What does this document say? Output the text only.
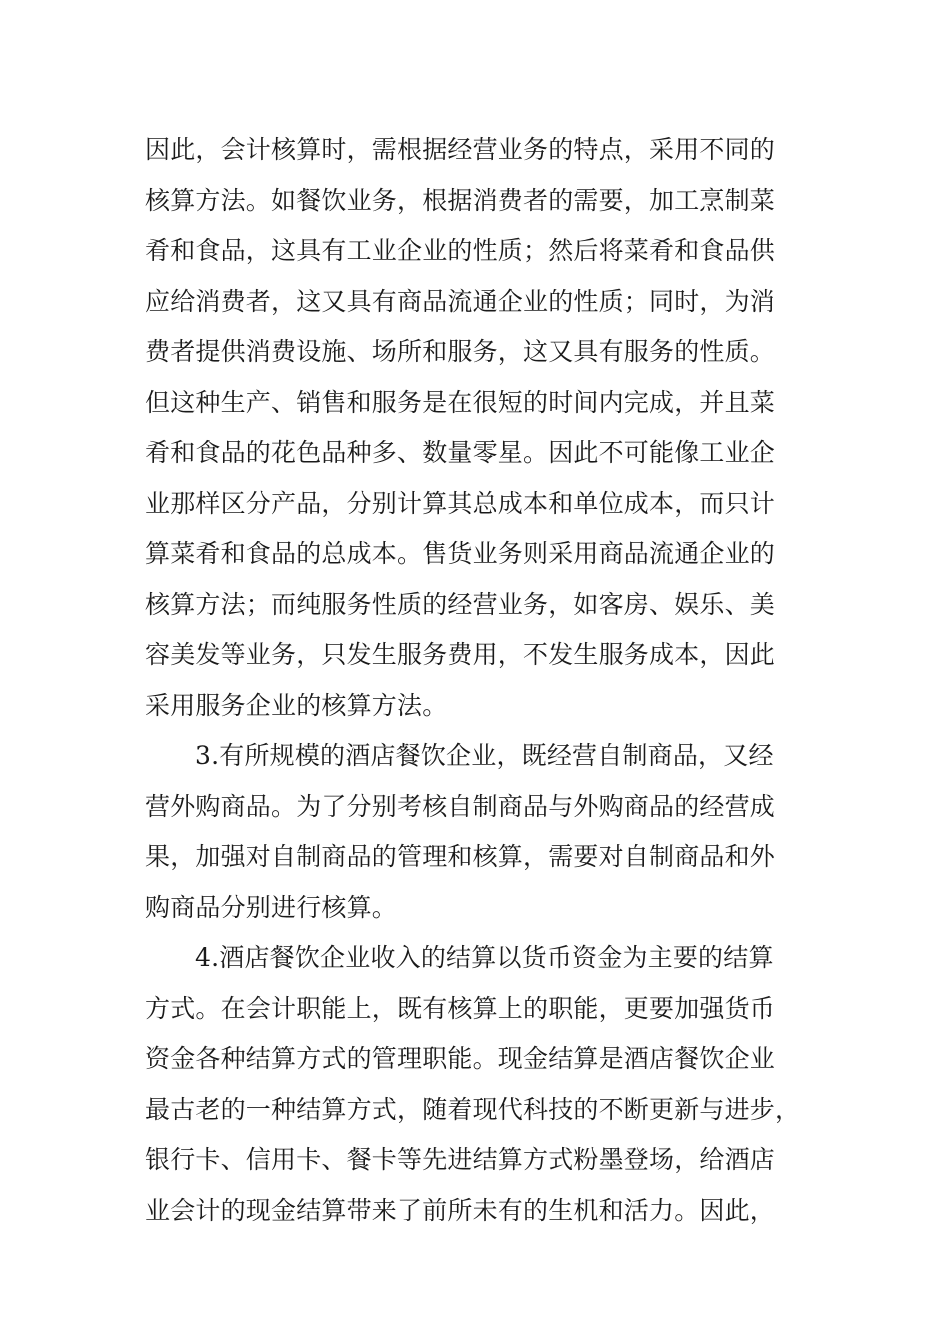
因此，会计核算时，需根据经营业务的特点，采用不同的
核算方法。如餐饮业务，根据消费者的需要，加工烹制菜
肴和食品，这具有工业企业的性质；然后将菜肴和食品供
应给消费者，这又具有商品流通企业的性质；同时，为消
费者提供消费设施、场所和服务，这又具有服务的性质。
但这种生产、销售和服务是在很短的时间内完成，并且菜
肴和食品的花色品种多、数量零星。因此不可能像工业企
业那样区分产品，分别计算其总成本和单位成本，而只计
算菜肴和食品的总成本。售货业务则采用商品流通企业的
核算方法；而纯服务性质的经营业务，如客房、娱乐、美
容美发等业务，只发生服务费用，不发生服务成本，因此
采用服务企业的核算方法。
3.有所规模的酒店餐饮企业，既经营自制商品，又经
营外购商品。为了分别考核自制商品与外购商品的经营成
果，加强对自制商品的管理和核算，需要对自制商品和外
购商品分别进行核算。
4.酒店餐饮企业收入的结算以货币资金为主要的结算
方式。在会计职能上，既有核算上的职能，更要加强货币
资金各种结算方式的管理职能。现金结算是酒店餐饮企业
最古老的一种结算方式，随着现代科技的不断更新与进步，
银行卡、信用卡、餐卡等先进结算方式粉墨登场，给酒店
业会计的现金结算带来了前所未有的生机和活力。因此，
